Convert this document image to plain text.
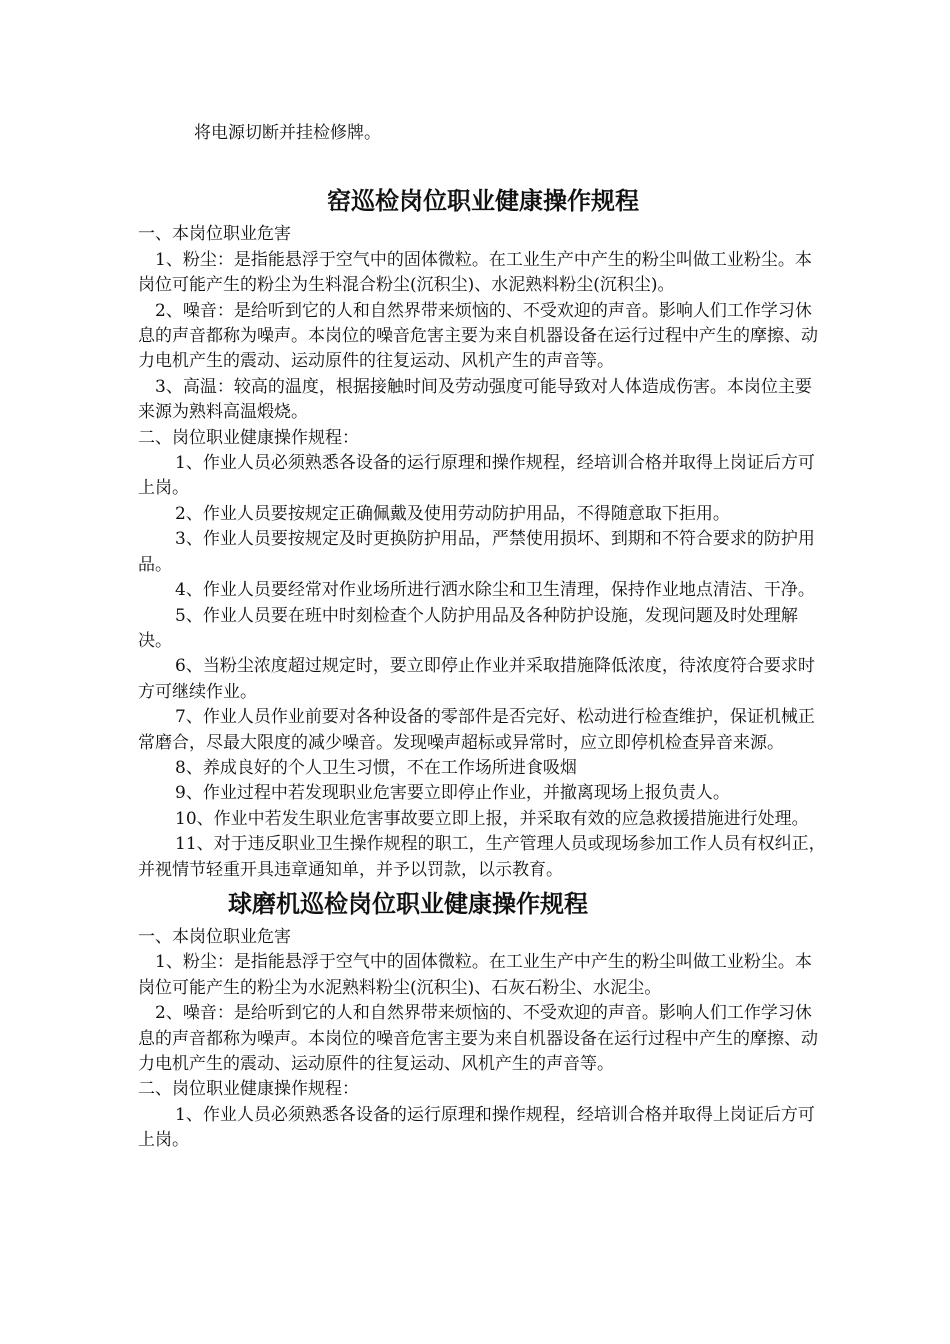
将电源切断并挂检修牌。

窑巡检岗位职业健康操作规程

一、本岗位职业危害

1、粉尘：是指能悬浮于空气中的固体微粒。在工业生产中产生的粉尘叫做工业粉尘。本岗位可能产生的粉尘为生料混合粉尘(沉积尘)、水泥熟料粉尘(沉积尘)。

2、噪音：是给听到它的人和自然界带来烦恼的、不受欢迎的声音。影响人们工作学习休息的声音都称为噪声。本岗位的噪音危害主要为来自机器设备在运行过程中产生的摩擦、动力电机产生的震动、运动原件的往复运动、风机产生的声音等。

3、高温：较高的温度，根据接触时间及劳动强度可能导致对人体造成伤害。本岗位主要来源为熟料高温煅烧。

二、岗位职业健康操作规程：

1、作业人员必须熟悉各设备的运行原理和操作规程，经培训合格并取得上岗证后方可上岗。

2、作业人员要按规定正确佩戴及使用劳动防护用品，不得随意取下拒用。

3、作业人员要按规定及时更换防护用品，严禁使用损坏、到期和不符合要求的防护用品。

4、作业人员要经常对作业场所进行洒水除尘和卫生清理，保持作业地点清洁、干净。

5、作业人员要在班中时刻检查个人防护用品及各种防护设施，发现问题及时处理解决。

6、当粉尘浓度超过规定时，要立即停止作业并采取措施降低浓度，待浓度符合要求时方可继续作业。

7、作业人员作业前要对各种设备的零部件是否完好、松动进行检查维护，保证机械正常磨合，尽最大限度的减少噪音。发现噪声超标或异常时，应立即停机检查异音来源。

8、养成良好的个人卫生习惯，不在工作场所进食吸烟

9、作业过程中若发现职业危害要立即停止作业，并撤离现场上报负责人。

10、作业中若发生职业危害事故要立即上报，并采取有效的应急救援措施进行处理。

11、对于违反职业卫生操作规程的职工，生产管理人员或现场参加工作人员有权纠正，并视情节轻重开具违章通知单，并予以罚款，以示教育。

球磨机巡检岗位职业健康操作规程

一、本岗位职业危害

1、粉尘：是指能悬浮于空气中的固体微粒。在工业生产中产生的粉尘叫做工业粉尘。本岗位可能产生的粉尘为水泥熟料粉尘(沉积尘)、石灰石粉尘、水泥尘。

2、噪音：是给听到它的人和自然界带来烦恼的、不受欢迎的声音。影响人们工作学习休息的声音都称为噪声。本岗位的噪音危害主要为来自机器设备在运行过程中产生的摩擦、动力电机产生的震动、运动原件的往复运动、风机产生的声音等。

二、岗位职业健康操作规程：

1、作业人员必须熟悉各设备的运行原理和操作规程，经培训合格并取得上岗证后方可上岗。
